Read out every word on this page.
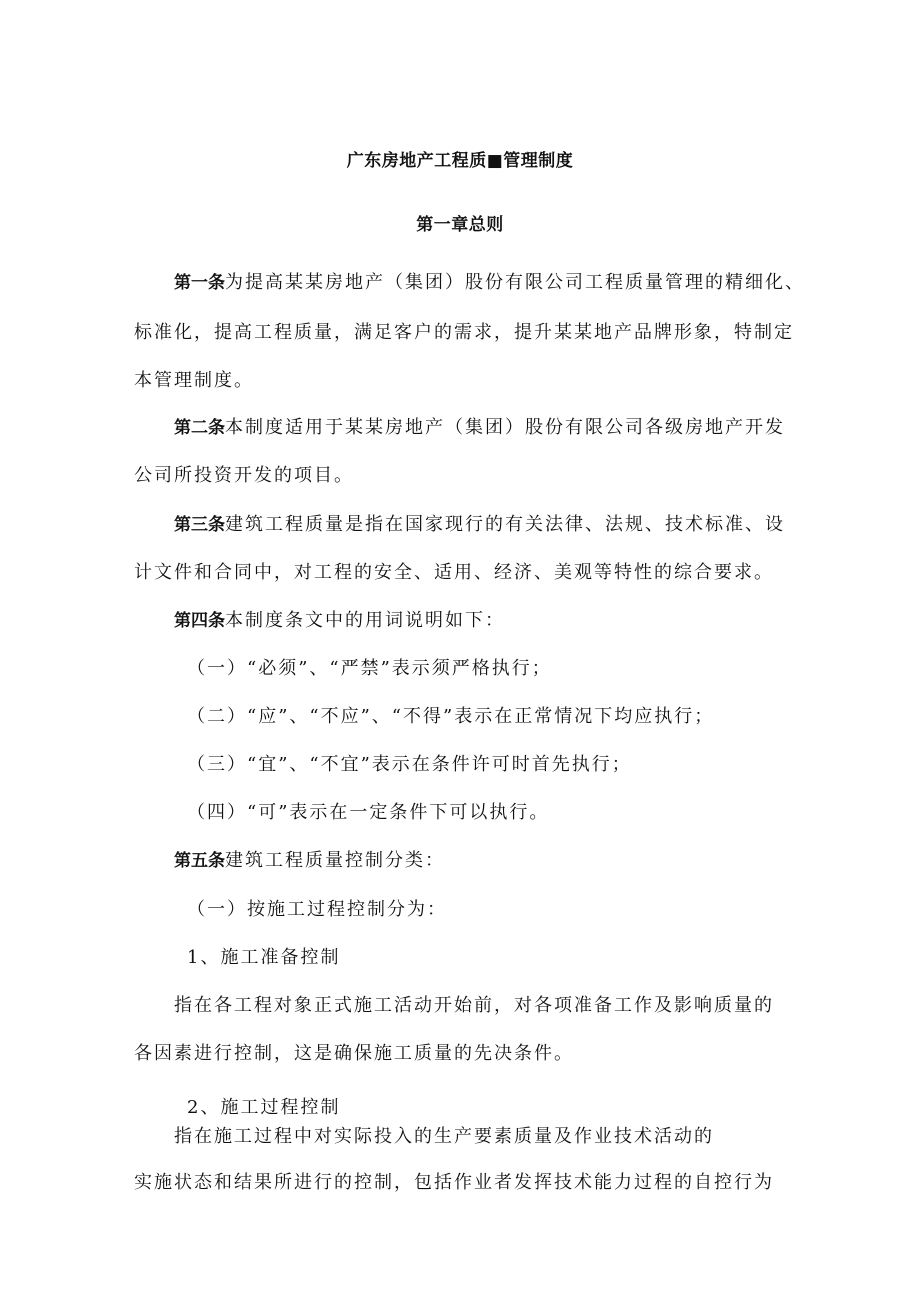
广东房地产工程质■管理制度
第一章总则
第一条为提高某某房地产（集团）股份有限公司工程质量管理的精细化、
标准化，提高工程质量，满足客户的需求，提升某某地产品牌形象，特制定
本管理制度。
第二条本制度适用于某某房地产（集团）股份有限公司各级房地产开发
公司所投资开发的项目。
第三条建筑工程质量是指在国家现行的有关法律、法规、技术标准、设
计文件和合同中，对工程的安全、适用、经济、美观等特性的综合要求。
第四条本制度条文中的用词说明如下：
（一）“必须”、“严禁”表示须严格执行；
（二）“应”、“不应”、“不得”表示在正常情况下均应执行；
（三）“宜”、“不宜”表示在条件许可时首先执行；
（四）“可”表示在一定条件下可以执行。
第五条建筑工程质量控制分类：
（一）按施工过程控制分为：
1、施工准备控制
指在各工程对象正式施工活动开始前，对各项准备工作及影响质量的
各因素进行控制，这是确保施工质量的先决条件。
2、施工过程控制
指在施工过程中对实际投入的生产要素质量及作业技术活动的
实施状态和结果所进行的控制，包括作业者发挥技术能力过程的自控行为
